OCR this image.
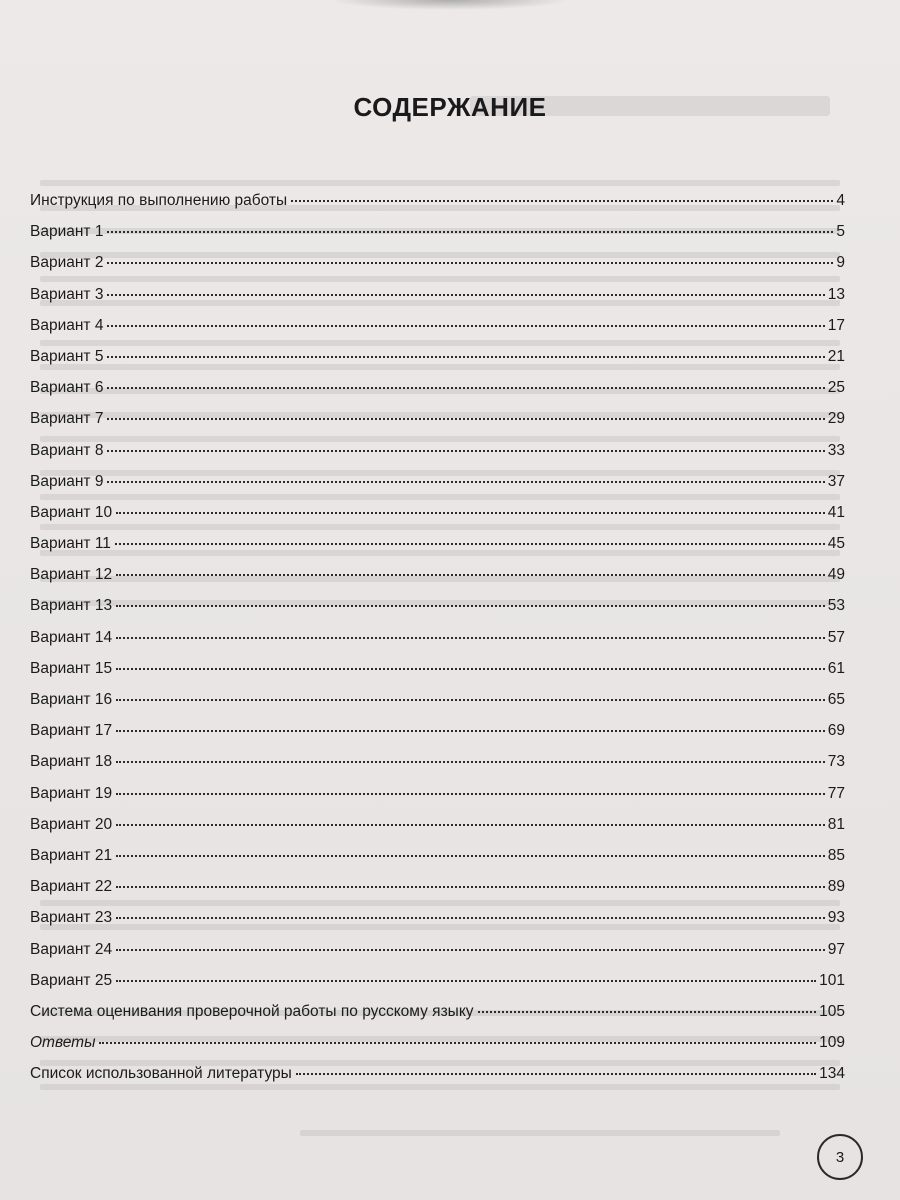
СОДЕРЖАНИЕ
Инструкция по выполнению работы	4
Вариант 1	5
Вариант 2	9
Вариант 3	13
Вариант 4	17
Вариант 5	21
Вариант 6	25
Вариант 7	29
Вариант 8	33
Вариант 9	37
Вариант 10	41
Вариант 11	45
Вариант 12	49
Вариант 13	53
Вариант 14	57
Вариант 15	61
Вариант 16	65
Вариант 17	69
Вариант 18	73
Вариант 19	77
Вариант 20	81
Вариант 21	85
Вариант 22	89
Вариант 23	93
Вариант 24	97
Вариант 25	101
Система оценивания проверочной работы по русскому языку	105
Ответы	109
Список использованной литературы	134
3
